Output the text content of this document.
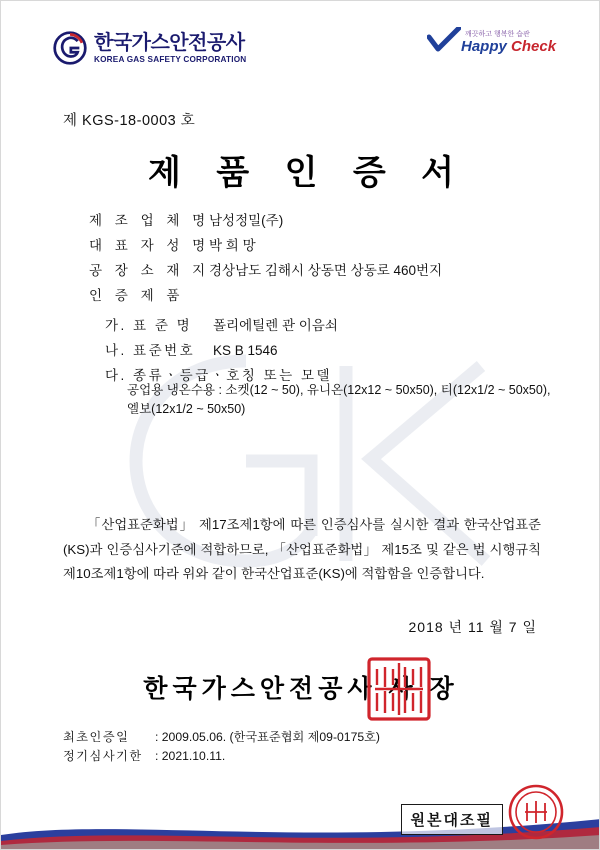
한국가스안전공사
KOREA GAS SAFETY CORPORATION
깨끗하고 행복한 습관
Happy Check
제 KGS-18-0003 호
제 품 인 증 서
제 조 업 체 명 남성정밀(주)
대 표 자 성 명 박 희 망
공 장 소 재 지 경상남도 김해시 상동면 상동로 460번지
인 증 제 품
가. 표 준 명	폴리에틸렌 관 이음쇠
나. 표준번호	KS B 1546
다. 종류ㆍ등급ㆍ호칭 또는 모델
공업용 냉온수용 : 소켓(12 ~ 50), 유니온(12x12 ~ 50x50), 티(12x1/2 ~ 50x50),
엘보(12x1/2 ~ 50x50)
「산업표준화법」 제17조제1항에 따른 인증심사를 실시한 결과 한국산업표준(KS)과 인증심사기준에 적합하므로, 「산업표준화법」 제15조 및 같은 법 시행규칙 제10조제1항에 따라 위와 같이 한국산업표준(KS)에 적합함을 인증합니다.
2018 년 11 월 7 일
한국가스안전공사 사 장
최초인증일 : 2009.05.06. (한국표준협회 제09-0175호)
정기심사기한 : 2021.10.11.
원본대조필
